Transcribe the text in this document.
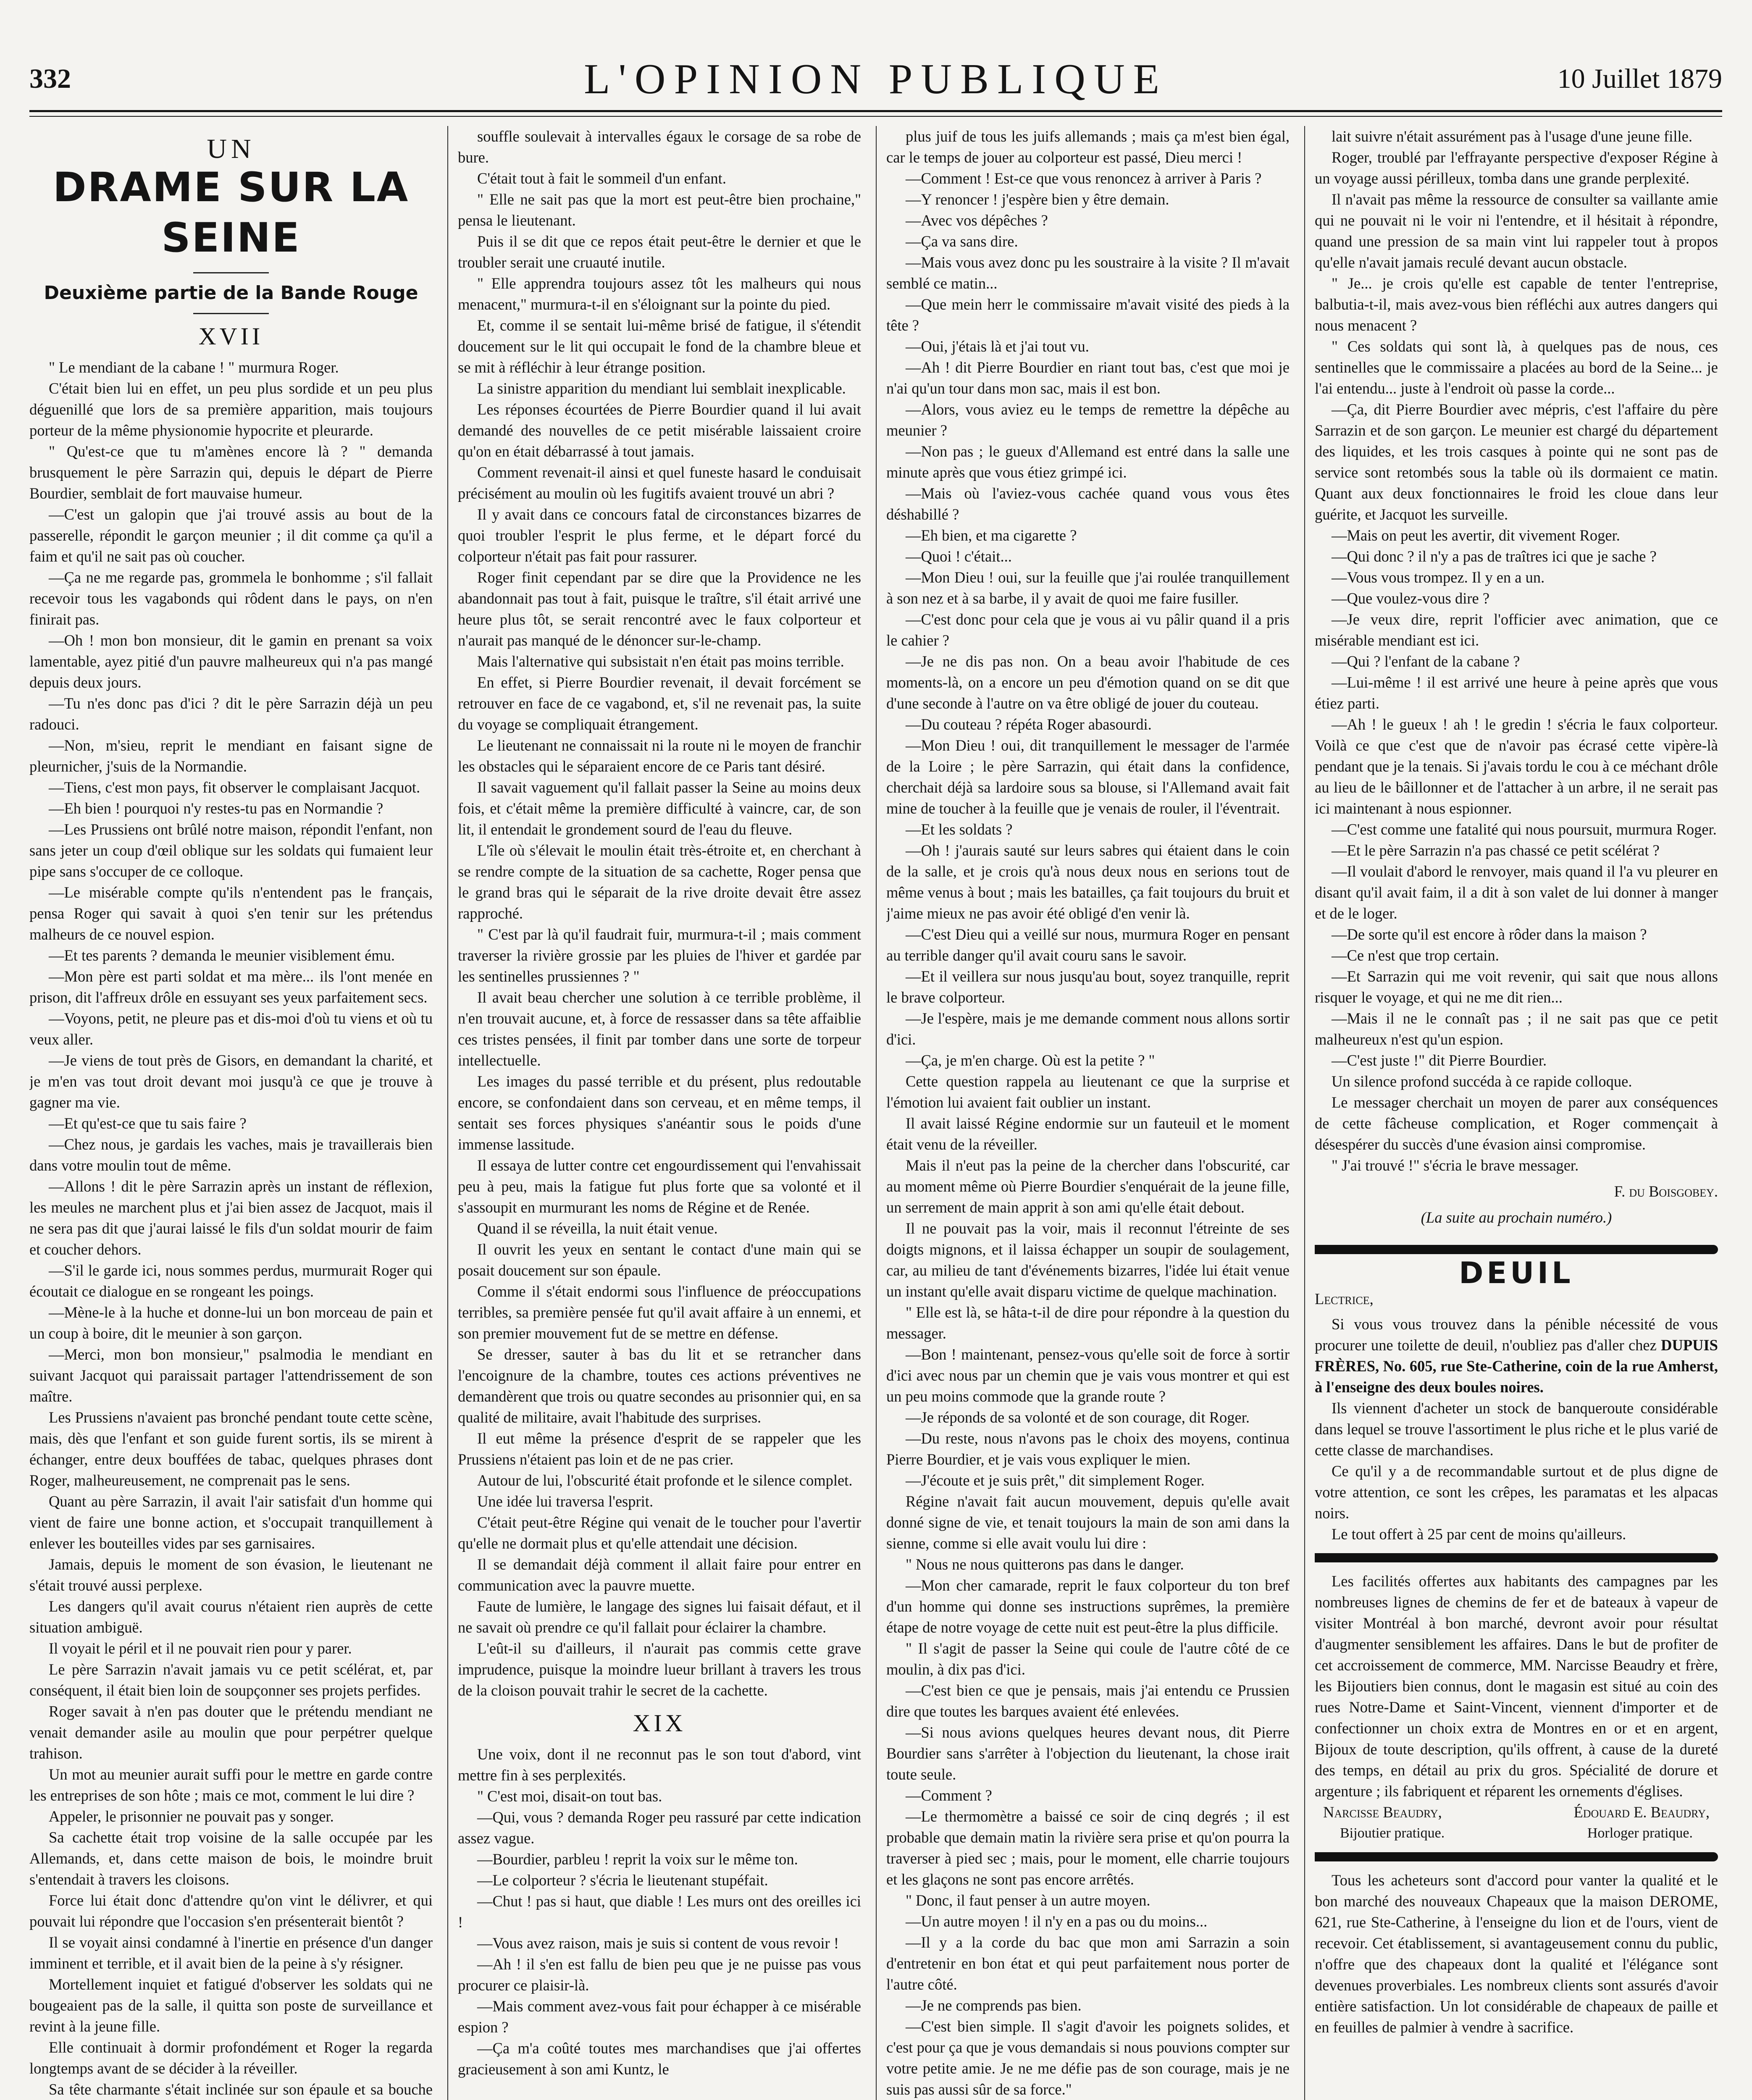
332	L'OPINION PUBLIQUE	10 Juillet 1879
UN
DRAME SUR LA SEINE
Deuxième partie de la Bande Rouge
XVII

" Le mendiant de la cabane ! " murmura Roger.

C'était bien lui en effet, un peu plus sordide et un peu plus déguenillé que lors de sa première apparition, mais toujours porteur de la même physionomie hypocrite et pleurarde.

" Qu'est-ce que tu m'amènes encore là ? " demanda brusquement le père Sarrazin qui, depuis le départ de Pierre Bourdier, semblait de fort mauvaise humeur.

—C'est un galopin que j'ai trouvé assis au bout de la passerelle, répondit le garçon meunier ; il dit comme ça qu'il a faim et qu'il ne sait pas où coucher.

—Ça ne me regarde pas, grommela le bonhomme ; s'il fallait recevoir tous les vagabonds qui rôdent dans le pays, on n'en finirait pas.

—Oh ! mon bon monsieur, dit le gamin en prenant sa voix lamentable, ayez pitié d'un pauvre malheureux qui n'a pas mangé depuis deux jours.

—Tu n'es donc pas d'ici ? dit le père Sarrazin déjà un peu radouci.

—Non, m'sieu, reprit le mendiant en faisant signe de pleurnicher, j'suis de la Normandie.

—Tiens, c'est mon pays, fit observer le complaisant Jacquot.

—Eh bien ! pourquoi n'y restes-tu pas en Normandie ?

—Les Prussiens ont brûlé notre maison, répondit l'enfant, non sans jeter un coup d'œil oblique sur les soldats qui fumaient leur pipe sans s'occuper de ce colloque.

—Le misérable compte qu'ils n'entendent pas le français, pensa Roger qui savait à quoi s'en tenir sur les prétendus malheurs de ce nouvel espion.

—Et tes parents ? demanda le meunier visiblement ému.

—Mon père est parti soldat et ma mère... ils l'ont menée en prison, dit l'affreux drôle en essuyant ses yeux parfaitement secs.

—Voyons, petit, ne pleure pas et dis-moi d'où tu viens et où tu veux aller.

—Je viens de tout près de Gisors, en demandant la charité, et je m'en vas tout droit devant moi jusqu'à ce que je trouve à gagner ma vie.

—Et qu'est-ce que tu sais faire ?

—Chez nous, je gardais les vaches, mais je travaillerais bien dans votre moulin tout de même.

—Allons ! dit le père Sarrazin après un instant de réflexion, les meules ne marchent plus et j'ai bien assez de Jacquot, mais il ne sera pas dit que j'aurai laissé le fils d'un soldat mourir de faim et coucher dehors.

—S'il le garde ici, nous sommes perdus, murmurait Roger qui écoutait ce dialogue en se rongeant les poings.

—Mène-le à la huche et donne-lui un bon morceau de pain et un coup à boire, dit le meunier à son garçon.

—Merci, mon bon monsieur," psalmodia le mendiant en suivant Jacquot qui paraissait partager l'attendrissement de son maître.

Les Prussiens n'avaient pas bronché pendant toute cette scène, mais, dès que l'enfant et son guide furent sortis, ils se mirent à échanger, entre deux bouffées de tabac, quelques phrases dont Roger, malheureusement, ne comprenait pas le sens.

Quant au père Sarrazin, il avait l'air satisfait d'un homme qui vient de faire une bonne action, et s'occupait tranquillement à enlever les bouteilles vides par ses garnisaires.

Jamais, depuis le moment de son évasion, le lieutenant ne s'était trouvé aussi perplexe.

Les dangers qu'il avait courus n'étaient rien auprès de cette situation ambiguë.

Il voyait le péril et il ne pouvait rien pour y parer.

Le père Sarrazin n'avait jamais vu ce petit scélérat, et, par conséquent, il était bien loin de soupçonner ses projets perfides.

Roger savait à n'en pas douter que le prétendu mendiant ne venait demander asile au moulin que pour perpétrer quelque trahison.

Un mot au meunier aurait suffi pour le mettre en garde contre les entreprises de son hôte ; mais ce mot, comment le lui dire ?

Appeler, le prisonnier ne pouvait pas y songer.

Sa cachette était trop voisine de la salle occupée par les Allemands, et, dans cette maison de bois, le moindre bruit s'entendait à travers les cloisons.

Force lui était donc d'attendre qu'on vint le délivrer, et qui pouvait lui répondre que l'occasion s'en présenterait bientôt ?

Il se voyait ainsi condamné à l'inertie en présence d'un danger imminent et terrible, et il avait bien de la peine à s'y résigner.

Mortellement inquiet et fatigué d'observer les soldats qui ne bougeaient pas de la salle, il quitta son poste de surveillance et revint à la jeune fille.

Elle continuait à dormir profondément et Roger la regarda longtemps avant de se décider à la réveiller.

Sa tête charmante s'était inclinée sur son épaule et sa bouche

souffle soulevait à intervalles égaux le corsage de sa robe de bure.

C'était tout à fait le sommeil d'un enfant.

" Elle ne sait pas que la mort est peut-être bien prochaine," pensa le lieutenant.

Puis il se dit que ce repos était peut-être le dernier et que le troubler serait une cruauté inutile.

" Elle apprendra toujours assez tôt les malheurs qui nous menacent," murmura-t-il en s'éloignant sur la pointe du pied.

Et, comme il se sentait lui-même brisé de fatigue, il s'étendit doucement sur le lit qui occupait le fond de la chambre bleue et se mit à réfléchir à leur étrange position.

La sinistre apparition du mendiant lui semblait inexplicable.

Les réponses écourtées de Pierre Bourdier quand il lui avait demandé des nouvelles de ce petit misérable laissaient croire qu'on en était débarrassé à tout jamais.

Comment revenait-il ainsi et quel funeste hasard le conduisait précisément au moulin où les fugitifs avaient trouvé un abri ?

Il y avait dans ce concours fatal de circonstances bizarres de quoi troubler l'esprit le plus ferme, et le départ forcé du colporteur n'était pas fait pour rassurer.

Roger finit cependant par se dire que la Providence ne les abandonnait pas tout à fait, puisque le traître, s'il était arrivé une heure plus tôt, se serait rencontré avec le faux colporteur et n'aurait pas manqué de le dénoncer sur-le-champ.

Mais l'alternative qui subsistait n'en était pas moins terrible.

En effet, si Pierre Bourdier revenait, il devait forcément se retrouver en face de ce vagabond, et, s'il ne revenait pas, la suite du voyage se compliquait étrangement.

Le lieutenant ne connaissait ni la route ni le moyen de franchir les obstacles qui le séparaient encore de ce Paris tant désiré.

Il savait vaguement qu'il fallait passer la Seine au moins deux fois, et c'était même la première difficulté à vaincre, car, de son lit, il entendait le grondement sourd de l'eau du fleuve.

L'île où s'élevait le moulin était très-étroite et, en cherchant à se rendre compte de la situation de sa cachette, Roger pensa que le grand bras qui le séparait de la rive droite devait être assez rapproché.

" C'est par là qu'il faudrait fuir, murmura-t-il ; mais comment traverser la rivière grossie par les pluies de l'hiver et gardée par les sentinelles prussiennes ? "

Il avait beau chercher une solution à ce terrible problème, il n'en trouvait aucune, et, à force de ressasser dans sa tête affaiblie ces tristes pensées, il finit par tomber dans une sorte de torpeur intellectuelle.

Les images du passé terrible et du présent, plus redoutable encore, se confondaient dans son cerveau, et en même temps, il sentait ses forces physiques s'anéantir sous le poids d'une immense lassitude.

Il essaya de lutter contre cet engourdissement qui l'envahissait peu à peu, mais la fatigue fut plus forte que sa volonté et il s'assoupit en murmurant les noms de Régine et de Renée.

Quand il se réveilla, la nuit était venue.

Il ouvrit les yeux en sentant le contact d'une main qui se posait doucement sur son épaule.

Comme il s'était endormi sous l'influence de préoccupations terribles, sa première pensée fut qu'il avait affaire à un ennemi, et son premier mouvement fut de se mettre en défense.

Se dresser, sauter à bas du lit et se retrancher dans l'encoignure de la chambre, toutes ces actions préventives ne demandèrent que trois ou quatre secondes au prisonnier qui, en sa qualité de militaire, avait l'habitude des surprises.

Il eut même la présence d'esprit de se rappeler que les Prussiens n'étaient pas loin et de ne pas crier.

Autour de lui, l'obscurité était profonde et le silence complet.

Une idée lui traversa l'esprit.

C'était peut-être Régine qui venait de le toucher pour l'avertir qu'elle ne dormait plus et qu'elle attendait une décision.

Il se demandait déjà comment il allait faire pour entrer en communication avec la pauvre muette.

Faute de lumière, le langage des signes lui faisait défaut, et il ne savait où prendre ce qu'il fallait pour éclairer la chambre.

L'eût-il su d'ailleurs, il n'aurait pas commis cette grave imprudence, puisque la moindre lueur brillant à travers les trous de la cloison pouvait trahir le secret de la cachette.

XIX

Une voix, dont il ne reconnut pas le son tout d'abord, vint mettre fin à ses perplexités.

" C'est moi, disait-on tout bas.

—Qui, vous ? demanda Roger peu rassuré par cette indication assez vague.

—Bourdier, parbleu ! reprit la voix sur le même ton.

—Le colporteur ? s'écria le lieutenant stupéfait.

—Chut ! pas si haut, que diable ! Les murs ont des oreilles ici !

—Vous avez raison, mais je suis si content de vous revoir !

—Ah ! il s'en est fallu de bien peu que je ne puisse pas vous procurer ce plaisir-là.

—Mais comment avez-vous fait pour échapper à ce misérable espion ?

—Ça m'a coûté toutes mes marchandises que j'ai offertes gracieusement à son ami Kuntz, le

plus juif de tous les juifs allemands ; mais ça m'est bien égal, car le temps de jouer au colporteur est passé, Dieu merci !

—Comment ! Est-ce que vous renoncez à arriver à Paris ?

—Y renoncer ! j'espère bien y être demain.

—Avec vos dépêches ?

—Ça va sans dire.

—Mais vous avez donc pu les soustraire à la visite ? Il m'avait semblé ce matin...

—Que mein herr le commissaire m'avait visité des pieds à la tête ?

—Oui, j'étais là et j'ai tout vu.

—Ah ! dit Pierre Bourdier en riant tout bas, c'est que moi je n'ai qu'un tour dans mon sac, mais il est bon.

—Alors, vous aviez eu le temps de remettre la dépêche au meunier ?

—Non pas ; le gueux d'Allemand est entré dans la salle une minute après que vous étiez grimpé ici.

—Mais où l'aviez-vous cachée quand vous vous êtes déshabillé ?

—Eh bien, et ma cigarette ?

—Quoi ! c'était...

—Mon Dieu ! oui, sur la feuille que j'ai roulée tranquillement à son nez et à sa barbe, il y avait de quoi me faire fusiller.

—C'est donc pour cela que je vous ai vu pâlir quand il a pris le cahier ?

—Je ne dis pas non. On a beau avoir l'habitude de ces moments-là, on a encore un peu d'émotion quand on se dit que d'une seconde à l'autre on va être obligé de jouer du couteau.

—Du couteau ? répéta Roger abasourdi.

—Mon Dieu ! oui, dit tranquillement le messager de l'armée de la Loire ; le père Sarrazin, qui était dans la confidence, cherchait déjà sa lardoire sous sa blouse, si l'Allemand avait fait mine de toucher à la feuille que je venais de rouler, il l'éventrait.

—Et les soldats ?

—Oh ! j'aurais sauté sur leurs sabres qui étaient dans le coin de la salle, et je crois qu'à nous deux nous en serions tout de même venus à bout ; mais les batailles, ça fait toujours du bruit et j'aime mieux ne pas avoir été obligé d'en venir là.

—C'est Dieu qui a veillé sur nous, murmura Roger en pensant au terrible danger qu'il avait couru sans le savoir.

—Et il veillera sur nous jusqu'au bout, soyez tranquille, reprit le brave colporteur.

—Je l'espère, mais je me demande comment nous allons sortir d'ici.

—Ça, je m'en charge. Où est la petite ? "

Cette question rappela au lieutenant ce que la surprise et l'émotion lui avaient fait oublier un instant.

Il avait laissé Régine endormie sur un fauteuil et le moment était venu de la réveiller.

Mais il n'eut pas la peine de la chercher dans l'obscurité, car au moment même où Pierre Bourdier s'enquérait de la jeune fille, un serrement de main apprit à son ami qu'elle était debout.

Il ne pouvait pas la voir, mais il reconnut l'étreinte de ses doigts mignons, et il laissa échapper un soupir de soulagement, car, au milieu de tant d'événements bizarres, l'idée lui était venue un instant qu'elle avait disparu victime de quelque machination.

" Elle est là, se hâta-t-il de dire pour répondre à la question du messager.

—Bon ! maintenant, pensez-vous qu'elle soit de force à sortir d'ici avec nous par un chemin que je vais vous montrer et qui est un peu moins commode que la grande route ?

—Je réponds de sa volonté et de son courage, dit Roger.

—Du reste, nous n'avons pas le choix des moyens, continua Pierre Bourdier, et je vais vous expliquer le mien.

—J'écoute et je suis prêt," dit simplement Roger.

Régine n'avait fait aucun mouvement, depuis qu'elle avait donné signe de vie, et tenait toujours la main de son ami dans la sienne, comme si elle avait voulu lui dire :

" Nous ne nous quitterons pas dans le danger.

—Mon cher camarade, reprit le faux colporteur du ton bref d'un homme qui donne ses instructions suprêmes, la première étape de notre voyage de cette nuit est peut-être la plus difficile.

" Il s'agit de passer la Seine qui coule de l'autre côté de ce moulin, à dix pas d'ici.

—C'est bien ce que je pensais, mais j'ai entendu ce Prussien dire que toutes les barques avaient été enlevées.

—Si nous avions quelques heures devant nous, dit Pierre Bourdier sans s'arrêter à l'objection du lieutenant, la chose irait toute seule.

—Comment ?

—Le thermomètre a baissé ce soir de cinq degrés ; il est probable que demain matin la rivière sera prise et qu'on pourra la traverser à pied sec ; mais, pour le moment, elle charrie toujours et les glaçons ne sont pas encore arrêtés.

" Donc, il faut penser à un autre moyen.

—Un autre moyen ! il n'y en a pas ou du moins...

—Il y a la corde du bac que mon ami Sarrazin a soin d'entretenir en bon état et qui peut parfaitement nous porter de l'autre côté.

—Je ne comprends pas bien.

—C'est bien simple. Il s'agit d'avoir les poignets solides, et c'est pour ça que je vous demandais si nous pouvions compter sur votre petite amie. Je ne me défie pas de son courage, mais je ne suis pas aussi sûr de sa force."

lait suivre n'était assurément pas à l'usage d'une jeune fille.

Roger, troublé par l'effrayante perspective d'exposer Régine à un voyage aussi périlleux, tomba dans une grande perplexité.

Il n'avait pas même la ressource de consulter sa vaillante amie qui ne pouvait ni le voir ni l'entendre, et il hésitait à répondre, quand une pression de sa main vint lui rappeler tout à propos qu'elle n'avait jamais reculé devant aucun obstacle.

" Je... je crois qu'elle est capable de tenter l'entreprise, balbutia-t-il, mais avez-vous bien réfléchi aux autres dangers qui nous menacent ?

" Ces soldats qui sont là, à quelques pas de nous, ces sentinelles que le commissaire a placées au bord de la Seine... je l'ai entendu... juste à l'endroit où passe la corde...

—Ça, dit Pierre Bourdier avec mépris, c'est l'affaire du père Sarrazin et de son garçon. Le meunier est chargé du département des liquides, et les trois casques à pointe qui ne sont pas de service sont retombés sous la table où ils dormaient ce matin. Quant aux deux fonctionnaires le froid les cloue dans leur guérite, et Jacquot les surveille.

—Mais on peut les avertir, dit vivement Roger.

—Qui donc ? il n'y a pas de traîtres ici que je sache ?

—Vous vous trompez. Il y en a un.

—Que voulez-vous dire ?

—Je veux dire, reprit l'officier avec animation, que ce misérable mendiant est ici.

—Qui ? l'enfant de la cabane ?

—Lui-même ! il est arrivé une heure à peine après que vous étiez parti.

—Ah ! le gueux ! ah ! le gredin ! s'écria le faux colporteur. Voilà ce que c'est que de n'avoir pas écrasé cette vipère-là pendant que je la tenais. Si j'avais tordu le cou à ce méchant drôle au lieu de le bâillonner et de l'attacher à un arbre, il ne serait pas ici maintenant à nous espionner.

—C'est comme une fatalité qui nous poursuit, murmura Roger.

—Et le père Sarrazin n'a pas chassé ce petit scélérat ?

—Il voulait d'abord le renvoyer, mais quand il l'a vu pleurer en disant qu'il avait faim, il a dit à son valet de lui donner à manger et de le loger.

—De sorte qu'il est encore à rôder dans la maison ?

—Ce n'est que trop certain.

—Et Sarrazin qui me voit revenir, qui sait que nous allons risquer le voyage, et qui ne me dit rien...

—Mais il ne le connaît pas ; il ne sait pas que ce petit malheureux n'est qu'un espion.

—C'est juste !" dit Pierre Bourdier.

Un silence profond succéda à ce rapide colloque.

Le messager cherchait un moyen de parer aux conséquences de cette fâcheuse complication, et Roger commençait à désespérer du succès d'une évasion ainsi compromise.

" J'ai trouvé !" s'écria le brave messager.

F. du Boisgobey.
(La suite au prochain numéro.)
DEUIL
Lectrice,

Si vous vous trouvez dans la pénible nécessité de vous procurer une toilette de deuil, n'oubliez pas d'aller chez DUPUIS FRÈRES, No. 605, rue Ste-Catherine, coin de la rue Amherst, à l'enseigne des deux boules noires.

Ils viennent d'acheter un stock de banqueroute considérable dans lequel se trouve l'assortiment le plus riche et le plus varié de cette classe de marchandises.

Ce qu'il y a de recommandable surtout et de plus digne de votre attention, ce sont les crêpes, les paramatas et les alpacas noirs.

Le tout offert à 25 par cent de moins qu'ailleurs.

Les facilités offertes aux habitants des campagnes par les nombreuses lignes de chemins de fer et de bateaux à vapeur de visiter Montréal à bon marché, devront avoir pour résultat d'augmenter sensiblement les affaires. Dans le but de profiter de cet accroissement de commerce, MM. Narcisse Beaudry et frère, les Bijoutiers bien connus, dont le magasin est situé au coin des rues Notre-Dame et Saint-Vincent, viennent d'importer et de confectionner un choix extra de Montres en or et en argent, Bijoux de toute description, qu'ils offrent, à cause de la dureté des temps, en détail au prix du gros. Spécialité de dorure et argenture ; ils fabriquent et réparent les ornements d'églises.

Narcisse Beaudry,	Édouard E. Beaudry,
Bijoutier pratique.	Horloger pratique.

Tous les acheteurs sont d'accord pour vanter la qualité et le bon marché des nouveaux Chapeaux que la maison DEROME, 621, rue Ste-Catherine, à l'enseigne du lion et de l'ours, vient de recevoir. Cet établissement, si avantageusement connu du public, n'offre que des chapeaux dont la qualité et l'élégance sont devenues proverbiales. Les nombreux clients sont assurés d'avoir entière satisfaction. Un lot considérable de chapeaux de paille et en feuilles de palmier à vendre à sacrifice.
